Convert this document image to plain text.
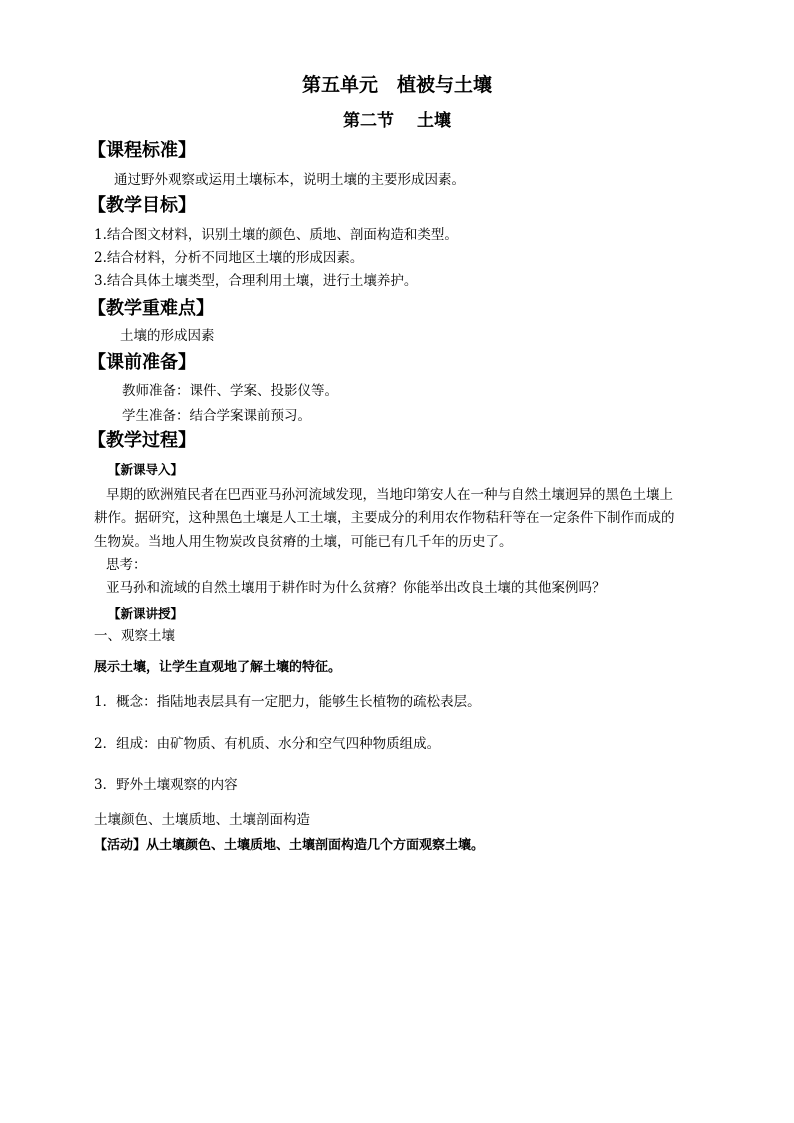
第五单元　植被与土壤
第二节　 土壤
【课程标准】
通过野外观察或运用土壤标本，说明土壤的主要形成因素。
【教学目标】
1.结合图文材料，识别土壤的颜色、质地、剖面构造和类型。
2.结合材料，分析不同地区土壤的形成因素。
3.结合具体土壤类型，合理利用土壤，进行土壤养护。
【教学重难点】
土壤的形成因素
【课前准备】
教师准备：课件、学案、投影仪等。
学生准备：结合学案课前预习。
【教学过程】
【新课导入】
早期的欧洲殖民者在巴西亚马孙河流域发现，当地印第安人在一种与自然土壤迥异的黑色土壤上
耕作。据研究，这种黑色土壤是人工土壤，主要成分的利用农作物秸秆等在一定条件下制作而成的
生物炭。当地人用生物炭改良贫瘠的土壤，可能已有几千年的历史了。
思考：
亚马孙和流域的自然土壤用于耕作时为什么贫瘠？你能举出改良土壤的其他案例吗？
【新课讲授】
一、观察土壤
展示土壤，让学生直观地了解土壤的特征。
1．概念：指陆地表层具有一定肥力，能够生长植物的疏松表层。
2．组成：由矿物质、有机质、水分和空气四种物质组成。
3．野外土壤观察的内容
土壤颜色、土壤质地、土壤剖面构造
【活动】从土壤颜色、土壤质地、土壤剖面构造几个方面观察土壤。
